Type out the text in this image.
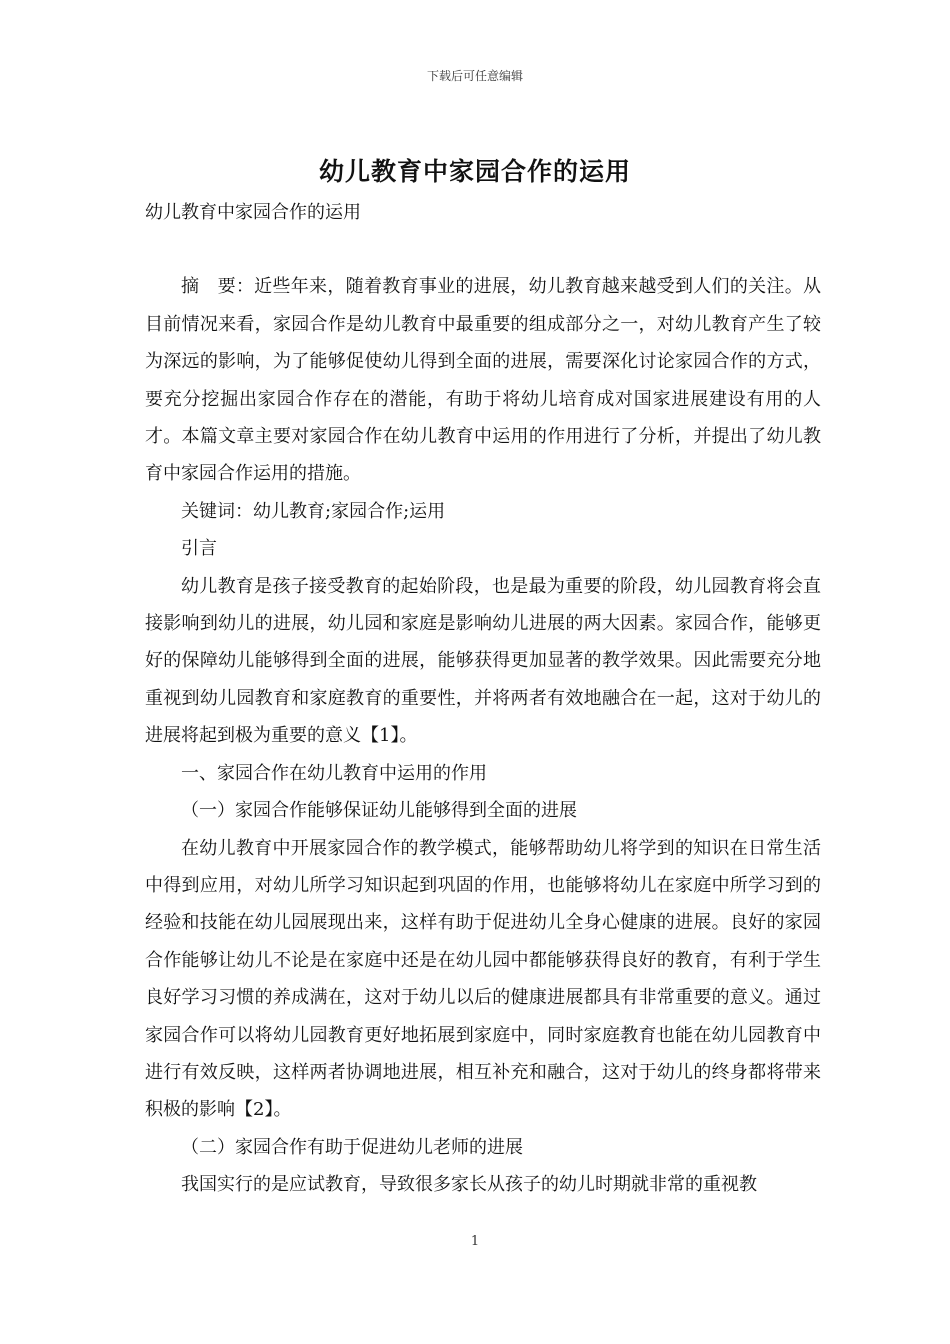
下载后可任意编辑
幼儿教育中家园合作的运用

幼儿教育中家园合作的运用

摘　要：近些年来，随着教育事业的进展，幼儿教育越来越受到人们的关注。从目前情况来看，家园合作是幼儿教育中最重要的组成部分之一，对幼儿教育产生了较为深远的影响，为了能够促使幼儿得到全面的进展，需要深化讨论家园合作的方式，要充分挖掘出家园合作存在的潜能，有助于将幼儿培育成对国家进展建设有用的人才。本篇文章主要对家园合作在幼儿教育中运用的作用进行了分析，并提出了幼儿教育中家园合作运用的措施。

关键词：幼儿教育;家园合作;运用

引言

幼儿教育是孩子接受教育的起始阶段，也是最为重要的阶段，幼儿园教育将会直接影响到幼儿的进展，幼儿园和家庭是影响幼儿进展的两大因素。家园合作，能够更好的保障幼儿能够得到全面的进展，能够获得更加显著的教学效果。因此需要充分地重视到幼儿园教育和家庭教育的重要性，并将两者有效地融合在一起，这对于幼儿的进展将起到极为重要的意义【1】。

一、家园合作在幼儿教育中运用的作用

（一）家园合作能够保证幼儿能够得到全面的进展

在幼儿教育中开展家园合作的教学模式，能够帮助幼儿将学到的知识在日常生活中得到应用，对幼儿所学习知识起到巩固的作用，也能够将幼儿在家庭中所学习到的经验和技能在幼儿园展现出来，这样有助于促进幼儿全身心健康的进展。良好的家园合作能够让幼儿不论是在家庭中还是在幼儿园中都能够获得良好的教育，有利于学生良好学习习惯的养成满在，这对于幼儿以后的健康进展都具有非常重要的意义。通过家园合作可以将幼儿园教育更好地拓展到家庭中，同时家庭教育也能在幼儿园教育中进行有效反映，这样两者协调地进展，相互补充和融合，这对于幼儿的终身都将带来积极的影响【2】。

（二）家园合作有助于促进幼儿老师的进展

我国实行的是应试教育，导致很多家长从孩子的幼儿时期就非常的重视教

1
